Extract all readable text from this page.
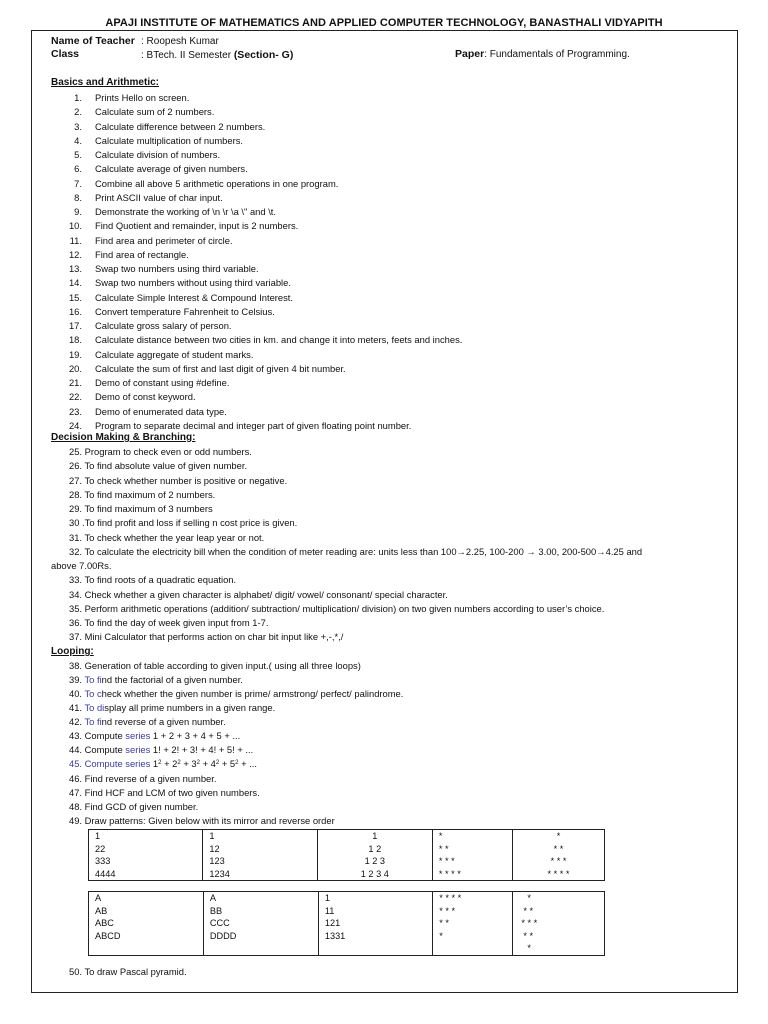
APAJI INSTITUTE OF MATHEMATICS AND APPLIED COMPUTER TECHNOLOGY, BANASTHALI VIDYAPITH
Name of Teacher : Roopesh Kumar
Class	: BTech. II Semester (Section- G)	Paper: Fundamentals of Programming.
Basics and Arithmetic:
1. Prints Hello on screen.
2. Calculate sum of 2 numbers.
3. Calculate difference between 2 numbers.
4. Calculate multiplication of numbers.
5. Calculate division of numbers.
6. Calculate average of given numbers.
7. Combine all above 5 arithmetic operations in one program.
8. Print ASCII value of char input.
9. Demonstrate the working of \n \r \a \" and \t.
10. Find Quotient and remainder, input is 2 numbers.
11. Find area and perimeter of circle.
12. Find area of rectangle.
13. Swap two numbers using third variable.
14. Swap two numbers without using third variable.
15. Calculate Simple Interest & Compound Interest.
16. Convert temperature Fahrenheit to Celsius.
17. Calculate gross salary of person.
18. Calculate distance between two cities in km. and change it into meters, feets and inches.
19. Calculate aggregate of student marks.
20. Calculate the sum of first and last digit of given 4 bit number.
21. Demo of constant using #define.
22. Demo of const keyword.
23. Demo of enumerated data type.
24. Program to separate decimal and integer part of given floating point number.
Decision Making & Branching:
25. Program to check even or odd numbers.
26. To find absolute value of given number.
27. To check whether number is positive or negative.
28. To find maximum of 2 numbers.
29. To find maximum of 3 numbers
30 .To find profit and loss if selling n cost price is given.
31. To check whether the year leap year or not.
32. To calculate the electricity bill when the condition of meter reading are: units less than 100→2.25, 100-200 → 3.00, 200-500→4.25 and
above 7.00Rs.
33. To find roots of a quadratic equation.
34. Check whether a given character is alphabet/ digit/ vowel/ consonant/ special character.
35. Perform arithmetic operations (addition/ subtraction/ multiplication/ division) on two given numbers according to user’s choice.
36. To find the day of week given input from 1-7.
37. Mini Calculator that performs action on char bit input like +,-,*,/
Looping:
38. Generation of table according to given input.( using all three loops)
39. To find the factorial of a given number.
40. To check whether the given number is prime/ armstrong/ perfect/ palindrome.
41. To display all prime numbers in a given range.
42. To find reverse of a given number.
43. Compute series 1 + 2 + 3 + 4 + 5 + ...
44. Compute series 1! + 2! + 3! + 4! + 5! + ...
45. Compute series $1^2 + 2^2 + 3^2 + 4^2 + 5^2$ + ...
46. Find reverse of a given number.
47. Find HCF and LCM of two given numbers.
48. Find GCD of given number.
49. Draw patterns: Given below with its mirror and reverse order
1
22
333
4444

1
12
123
1234

1
1 2
1 2 3
1 2 3 4

*
* *
* * *
* * * *

*
* *
* * *
* * * *
A
AB
ABC
ABCD

A
BB
CCC
DDDD

1
11
121
1331

* * * *
* * *
* *
*

*
* *
* * *
* *
*
50. To draw Pascal pyramid.
